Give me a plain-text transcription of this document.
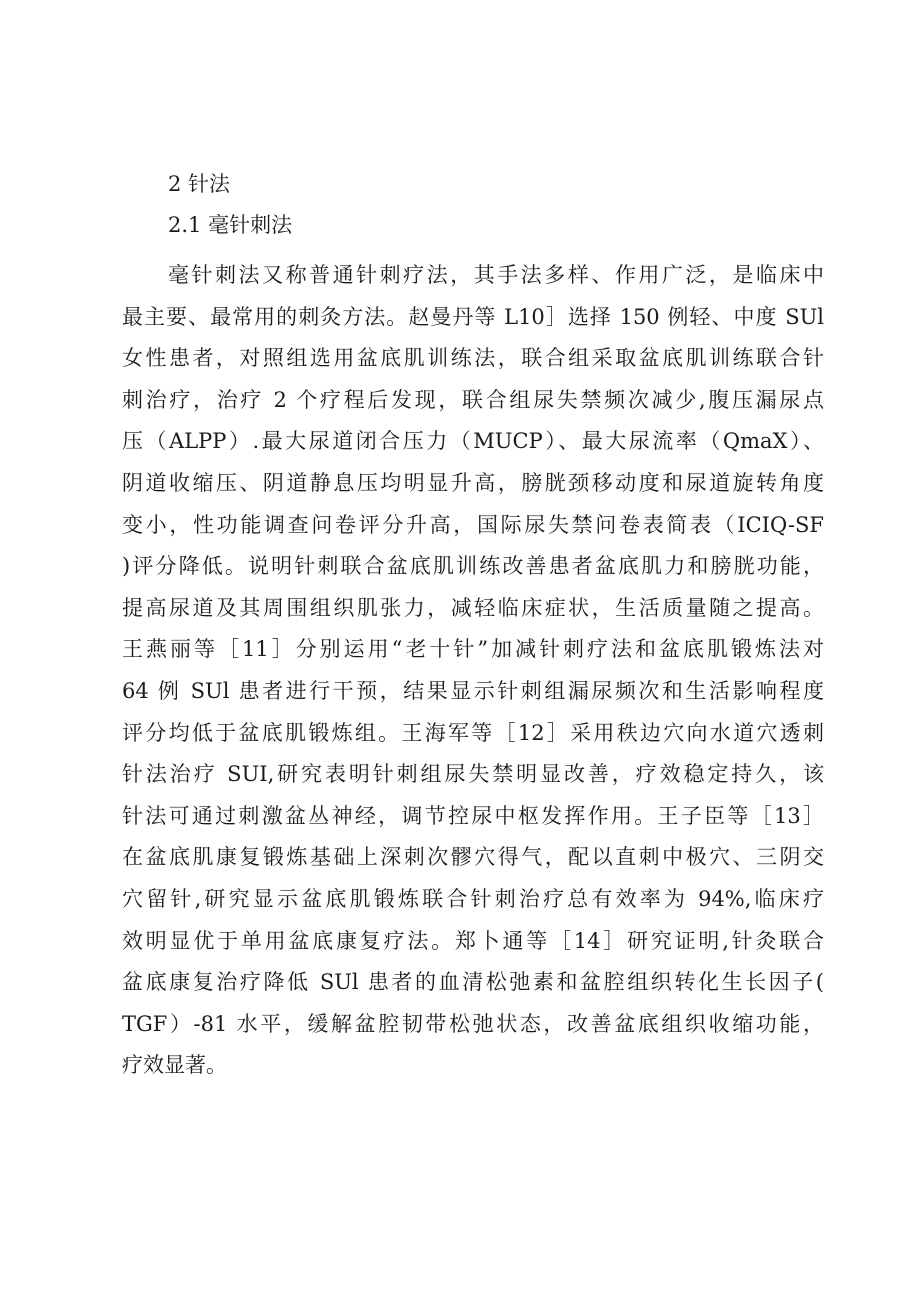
2 针法
2.1 毫针刺法
毫针刺法又称普通针刺疗法，其手法多样、作用广泛，是临床中
最主要、最常用的刺灸方法。赵曼丹等 L10］选择 150 例轻、中度 SUl
女性患者，对照组选用盆底肌训练法，联合组采取盆底肌训练联合针
刺治疗，治疗 2 个疗程后发现，联合组尿失禁频次减少,腹压漏尿点
压（ALPP）.最大尿道闭合压力（MUCP）、最大尿流率（QmaX）、
阴道收缩压、阴道静息压均明显升高，膀胱颈移动度和尿道旋转角度
变小，性功能调查问卷评分升高，国际尿失禁问卷表简表（ICIQ-SF
)评分降低。说明针刺联合盆底肌训练改善患者盆底肌力和膀胱功能，
提高尿道及其周围组织肌张力，减轻临床症状，生活质量随之提高。
王燕丽等［11］分别运用“老十针”加减针刺疗法和盆底肌锻炼法对
64 例 SUl 患者进行干预，结果显示针刺组漏尿频次和生活影响程度
评分均低于盆底肌锻炼组。王海军等［12］采用秩边穴向水道穴透刺
针法治疗 SUI,研究表明针刺组尿失禁明显改善，疗效稳定持久，该
针法可通过刺激盆丛神经，调节控尿中枢发挥作用。王子臣等［13］
在盆底肌康复锻炼基础上深刺次髎穴得气，配以直刺中极穴、三阴交
穴留针,研究显示盆底肌锻炼联合针刺治疗总有效率为 94%,临床疗
效明显优于单用盆底康复疗法。郑卜通等［14］研究证明,针灸联合
盆底康复治疗降低 SUl 患者的血清松弛素和盆腔组织转化生长因子(
TGF）-81 水平，缓解盆腔韧带松弛状态，改善盆底组织收缩功能，
疗效显著。
